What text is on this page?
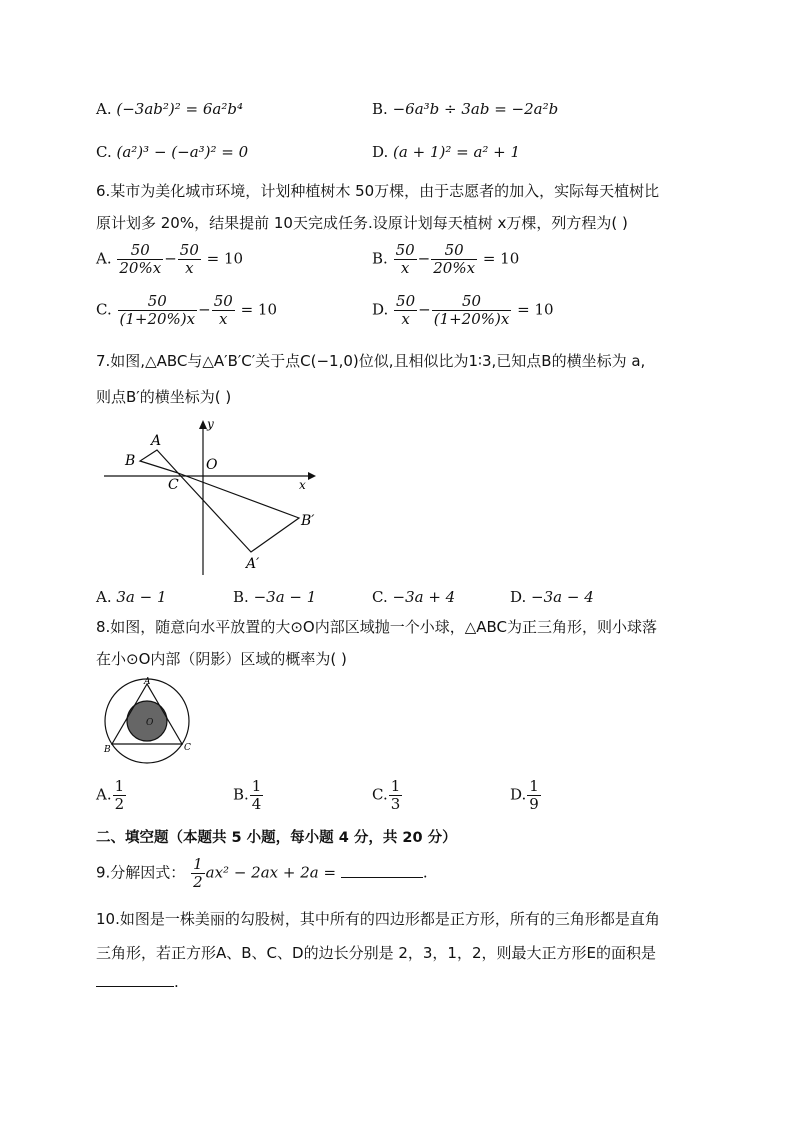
A. (−3ab²)² = 6a²b⁴	B. −6a³b ÷ 3ab = −2a²b
C. (a²)³ − (−a³)² = 0	D. (a + 1)² = a² + 1
6.某市为美化城市环境，计划种植树木 50万棵，由于志愿者的加入，实际每天植树比
原计划多 20%，结果提前 10天完成任务.设原计划每天植树 x万棵，列方程为( )
A. $\frac{50}{20\%x} - \frac{50}{x} = 10$	B. $\frac{50}{x} - \frac{50}{20\%x} = 10$
C. $\frac{50}{(1+20\%)x} - \frac{50}{x} = 10$	D. $\frac{50}{x} - \frac{50}{(1+20\%)x} = 10$
7.如图,△ABC与△A′B′C′关于点C(−1,0)位似,且相似比为1∶3,已知点B的横坐标为 a,
则点B′的横坐标为( )
A
B
C
O
B′
A′
x
y
A. 3a − 1	B. −3a − 1	C. −3a + 4	D. −3a − 4
8.如图，随意向水平放置的大⊙O内部区域抛一个小球，△ABC为正三角形，则小球落
在小⊙O内部（阴影）区域的概率为( )
A
B	C
O
A. $\frac{1}{2}$	B. $\frac{1}{4}$	C. $\frac{1}{3}$	D. $\frac{1}{9}$
二、填空题（本题共 5 小题，每小题 4 分，共 20 分）
9.分解因式： $\frac{1}{2} ax^2 - 2ax + 2a$ =	.
10.如图是一株美丽的勾股树，其中所有的四边形都是正方形，所有的三角形都是直角
三角形，若正方形A、B、C、D的边长分别是 2，3，1，2，则最大正方形E的面积是
.
